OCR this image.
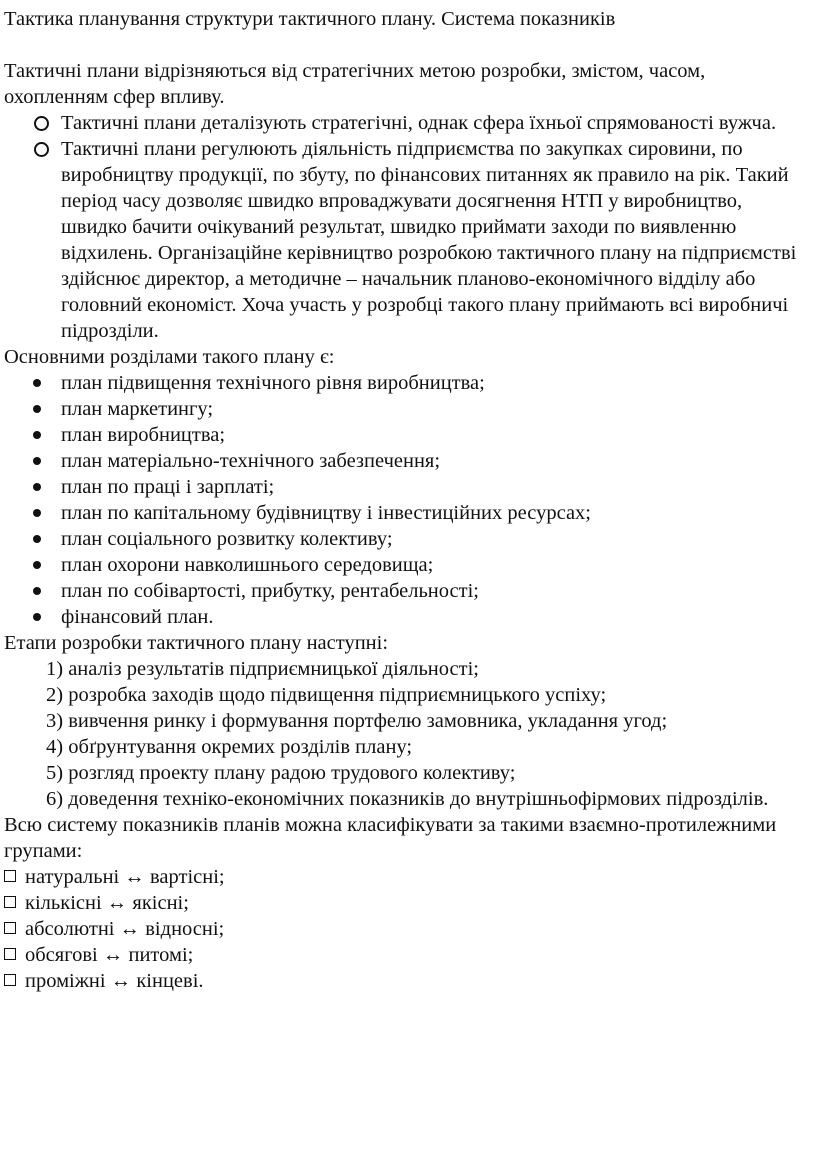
Тактика планування структури тактичного плану. Система показників

Тактичні плани відрізняються від стратегічних метою розробки, змістом, часом, охопленням сфер впливу.

Тактичні плани деталізують стратегічні, однак сфера їхньої спрямованості вужча.
Тактичні плани регулюють діяльність підприємства по закупках сировини, по виробництву продукції, по збуту, по фінансових питаннях як правило на рік. Такий період часу дозволяє швидко впроваджувати досягнення НТП у виробництво, швидко бачити очікуваний результат, швидко приймати заходи по виявленню відхилень. Організаційне керівництво розробкою тактичного плану на підприємстві здійснює директор, а методичне – начальник планово-економічного відділу або головний економіст. Хоча участь у розробці такого плану приймають всі виробничі підрозділи.

Основними розділами такого плану є:

план підвищення технічного рівня виробництва;
план маркетингу;
план виробництва;
план матеріально-технічного забезпечення;
план по праці і зарплаті;
план по капітальному будівництву і інвестиційних ресурсах;
план соціального розвитку колективу;
план охорони навколишнього середовища;
план по собівартості, прибутку, рентабельності;
фінансовий план.

Етапи розробки тактичного плану наступні:

1) аналіз результатів підприємницької діяльності;
2) розробка заходів щодо підвищення підприємницького успіху;
3) вивчення ринку і формування портфелю замовника, укладання угод;
4) обґрунтування окремих розділів плану;
5) розгляд проекту плану радою трудового колективу;
6) доведення техніко-економічних показників до внутрішньофірмових підрозділів.

Всю систему показників планів можна класифікувати за такими взаємно-протилежними групами:

натуральні ↔ вартісні;
кількісні ↔ якісні;
абсолютні ↔ відносні;
обсягові ↔ питомі;
проміжні ↔ кінцеві.
